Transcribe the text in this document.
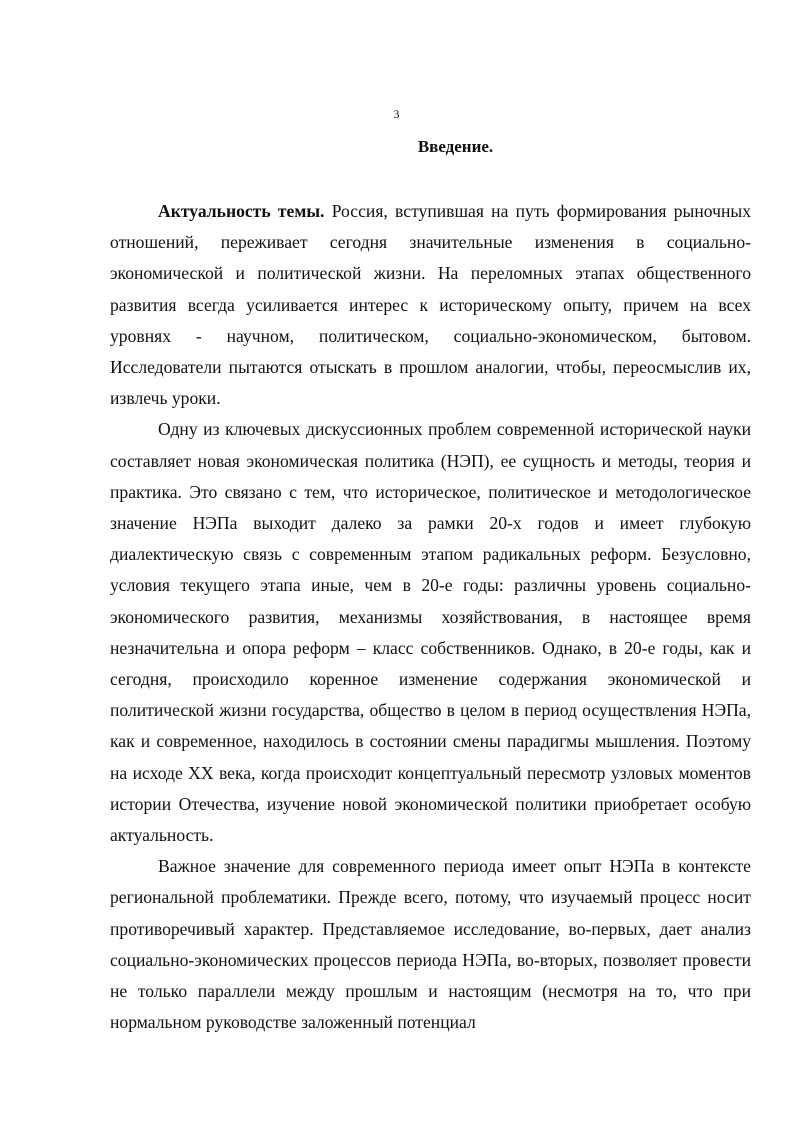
3
Введение.

Актуальность темы. Россия, вступившая на путь формирования рыночных отношений, переживает сегодня значительные изменения в социально-экономической и политической жизни. На переломных этапах общественного развития всегда усиливается интерес к историческому опыту, причем на всех уровнях - научном, политическом, социально-экономическом, бытовом. Исследователи пытаются отыскать в прошлом аналогии, чтобы, переосмыслив их, извлечь уроки.

Одну из ключевых дискуссионных проблем современной исторической науки составляет новая экономическая политика (НЭП), ее сущность и методы, теория и практика. Это связано с тем, что историческое, политическое и методологическое значение НЭПа выходит далеко за рамки 20-х годов и имеет глубокую диалектическую связь с современным этапом радикальных реформ. Безусловно, условия текущего этапа иные, чем в 20-е годы: различны уровень социально-экономического развития, механизмы хозяйствования, в настоящее время незначительна и опора реформ – класс собственников. Однако, в 20-е годы, как и сегодня, происходило коренное изменение содержания экономической и политической жизни государства, общество в целом в период осуществления НЭПа, как и современное, находилось в состоянии смены парадигмы мышления. Поэтому на исходе XX века, когда происходит концептуальный пересмотр узловых моментов истории Отечества, изучение новой экономической политики приобретает особую актуальность.

Важное значение для современного периода имеет опыт НЭПа в контексте региональной проблематики. Прежде всего, потому, что изучаемый процесс носит противоречивый характер. Представляемое исследование, во-первых, дает анализ социально-экономических процессов периода НЭПа, во-вторых, позволяет провести не только параллели между прошлым и настоящим (несмотря на то, что при нормальном руководстве заложенный потенциал
